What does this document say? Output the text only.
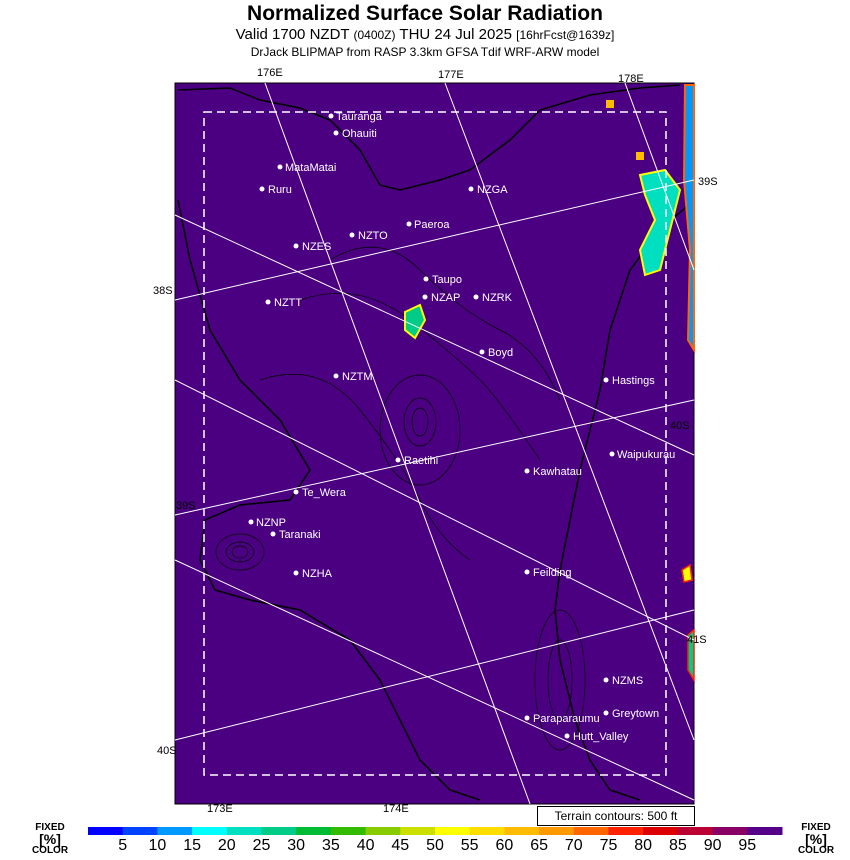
Normalized Surface Solar Radiation
Valid 1700 NZDT (0400Z) THU 24 Jul 2025 [16hrFcst@1639z]
DrJack BLIPMAP from RASP 3.3km GFSA Tdif WRF-ARW model
176E	177E	178E
39S
40S
41S
38S
39S
40S
173E	174E
Tauranga
Ohauiti
MataMatai
Ruru	NZGA
Paeroa
NZTO
NZES
Taupo
NZAP NZRK
NZTT
Boyd
NZTM	Hastings
Raetihi
Kawhatau
Waipukurau
Te_Wera
NZNP
Taranaki
NZHA	Feilding
NZMS
Greytown
Paraparaumu
Hutt_Valley
Terrain contours: 500 ft
FIXED
[%]
COLOR
FIXED
[%]
COLOR
5	10 15 20 25 30 35 40 45 50 55 60 65 70 75 80 85 90 95
